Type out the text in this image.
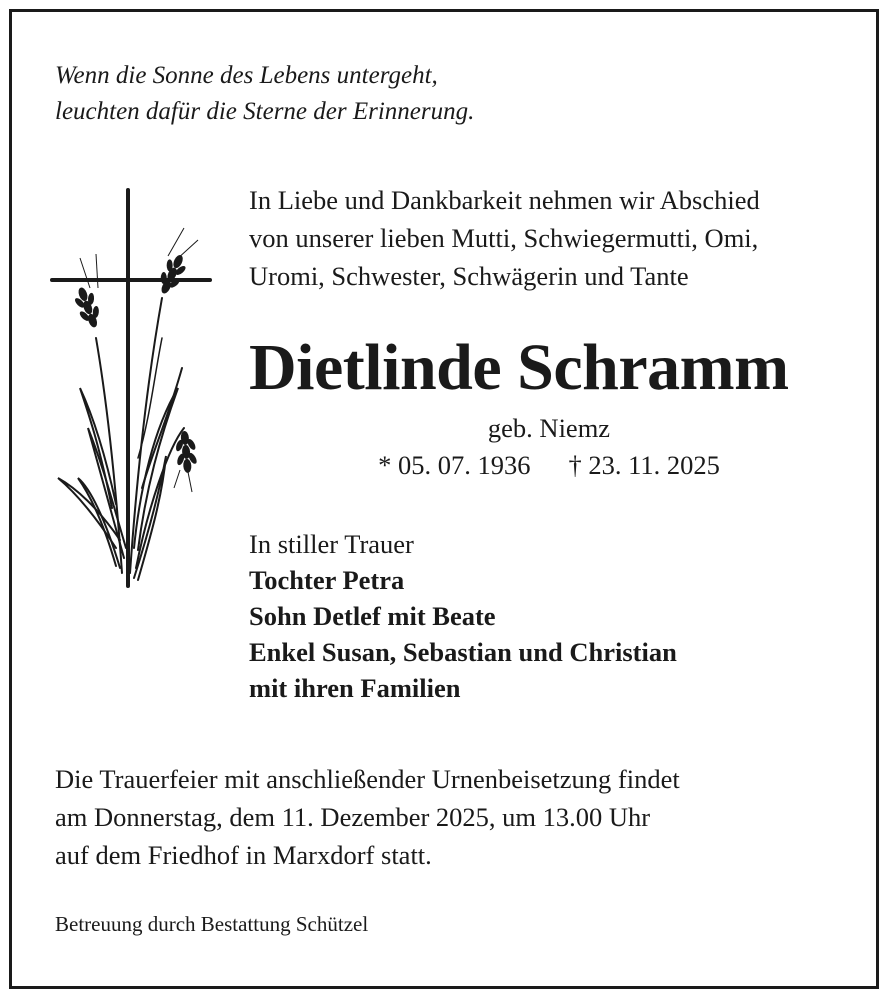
Wenn die Sonne des Lebens untergeht,
leuchten dafür die Sterne der Erinnerung.
In Liebe und Dankbarkeit nehmen wir Abschied
von unserer lieben Mutti, Schwiegermutti, Omi,
Uromi, Schwester, Schwägerin und Tante
Dietlinde Schramm
geb. Niemz
* 05. 07. 1936 † 23. 11. 2025
In stiller Trauer
Tochter Petra
Sohn Detlef mit Beate
Enkel Susan, Sebastian und Christian
mit ihren Familien
Die Trauerfeier mit anschließender Urnenbeisetzung findet
am Donnerstag, dem 11. Dezember 2025, um 13.00 Uhr
auf dem Friedhof in Marxdorf statt.
Betreuung durch Bestattung Schützel
